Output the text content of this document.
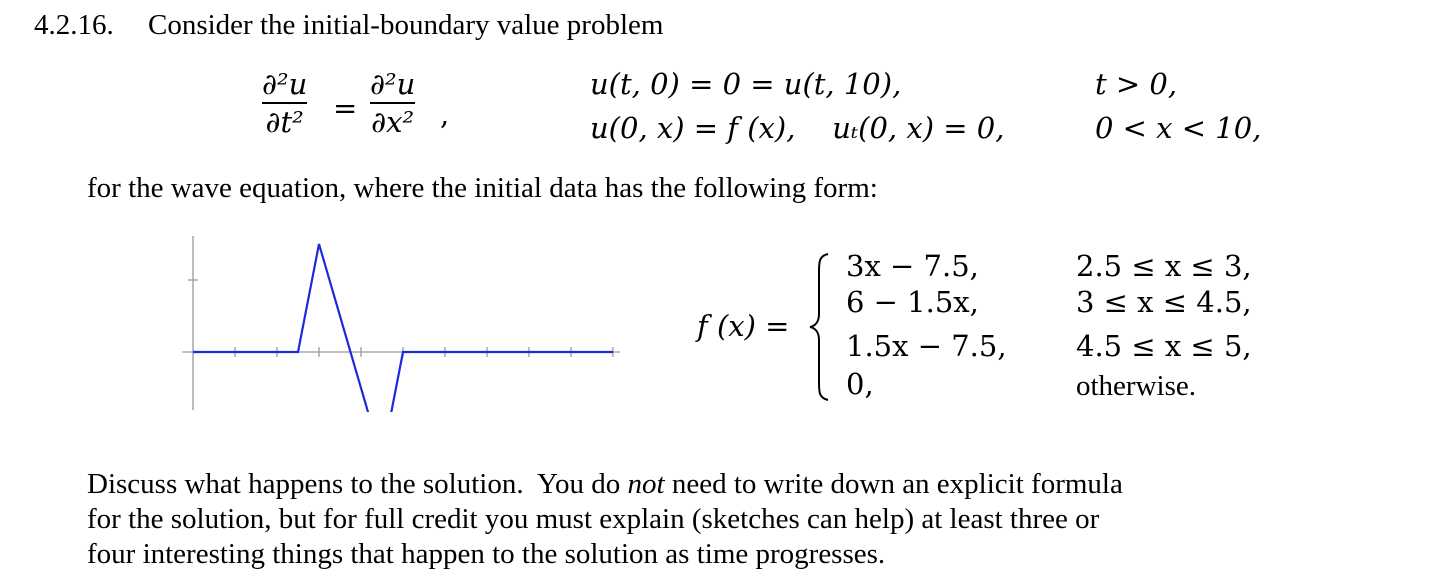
4.2.16. Consider the initial-boundary value problem
∂²u
∂t² =
∂²u
∂x² ,
u(t, 0) = 0 = u(t, 10),	t > 0,
u(0, x) = f (x),    uₜ(0, x) = 0,	0 < x < 10,
for the wave equation, where the initial data has the following form:
f (x) =
3x − 7.5,	2.5 ≤ x ≤ 3,
6 − 1.5x,	3 ≤ x ≤ 4.5,
1.5x − 7.5, 4.5 ≤ x ≤ 5,
0,	otherwise.
Discuss what happens to the solution.  You do not need to write down an explicit formula
for the solution, but for full credit you must explain (sketches can help) at least three or
four interesting things that happen to the solution as time progresses.
